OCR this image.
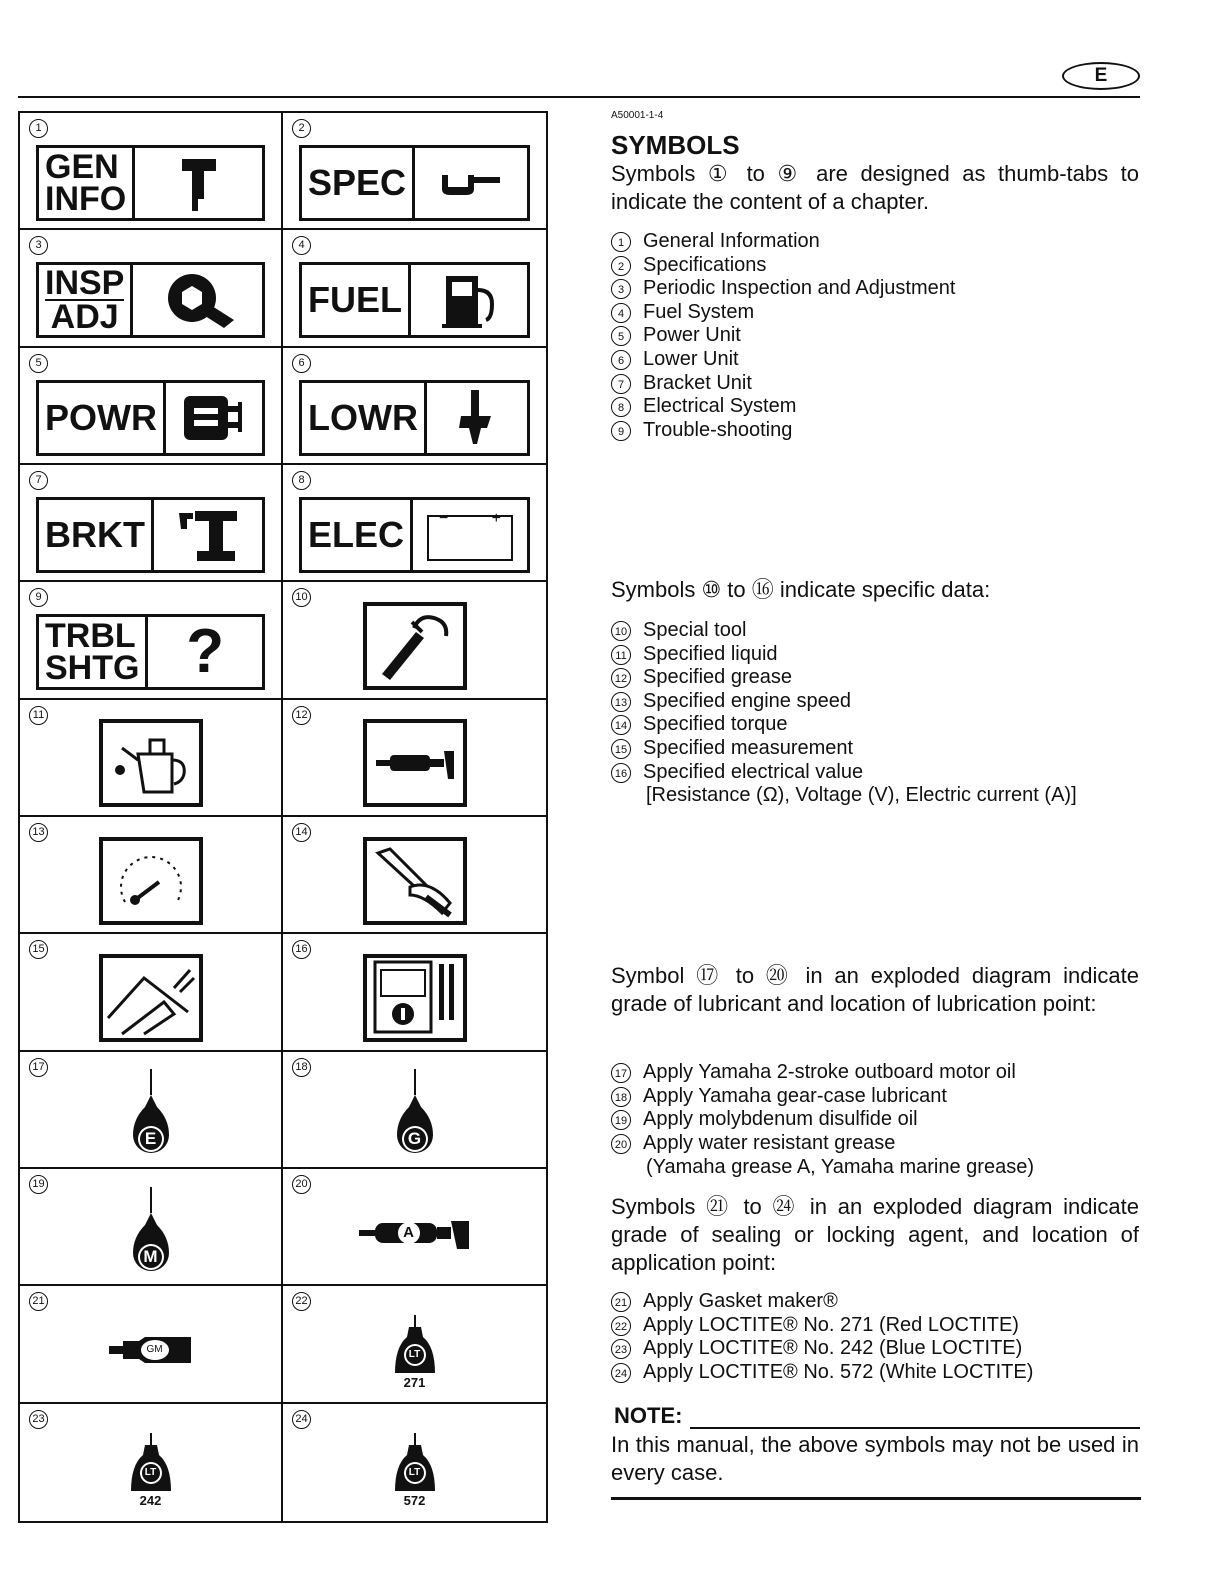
E
1
GEN
INFO
2
SPEC
3
INSP
ADJ
4
FUEL
5
POWR
6
LOWR
7
BRKT
8
ELEC	−	+
9
TRBL
SHTG ?
10
11	12
13	14
15	16
17
E
18
G
19
M
20
A
21
GM
22
LT
271
23
LT
242
24
LT
572
A50001-1-4
SYMBOLS
Symbols ① to ⑨ are designed as thumb-tabs to indicate the content of a chapter.
1 General Information
2 Specifications
3 Periodic Inspection and Adjustment
4 Fuel System
5 Power Unit
6 Lower Unit
7 Bracket Unit
8 Electrical System
9 Trouble-shooting
Symbols ⑩ to ⑯ indicate specific data:
10 Special tool
11 Specified liquid
12 Specified grease
13 Specified engine speed
14 Specified torque
15 Specified measurement
16 Specified electrical value
[Resistance (Ω), Voltage (V), Electric current (A)]
Symbol ⑰ to ⑳ in an exploded diagram indicate grade of lubricant and location of lubrication point:
17 Apply Yamaha 2-stroke outboard motor oil
18 Apply Yamaha gear-case lubricant
19 Apply molybdenum disulfide oil
20 Apply water resistant grease
(Yamaha grease A, Yamaha marine grease)
Symbols ㉑ to ㉔ in an exploded diagram indicate grade of sealing or locking agent, and location of application point:
21 Apply Gasket maker®
22 Apply LOCTITE® No. 271 (Red LOCTITE)
23 Apply LOCTITE® No. 242 (Blue LOCTITE)
24 Apply LOCTITE® No. 572 (White LOCTITE)
NOTE:
In this manual, the above symbols may not be used in every case.
